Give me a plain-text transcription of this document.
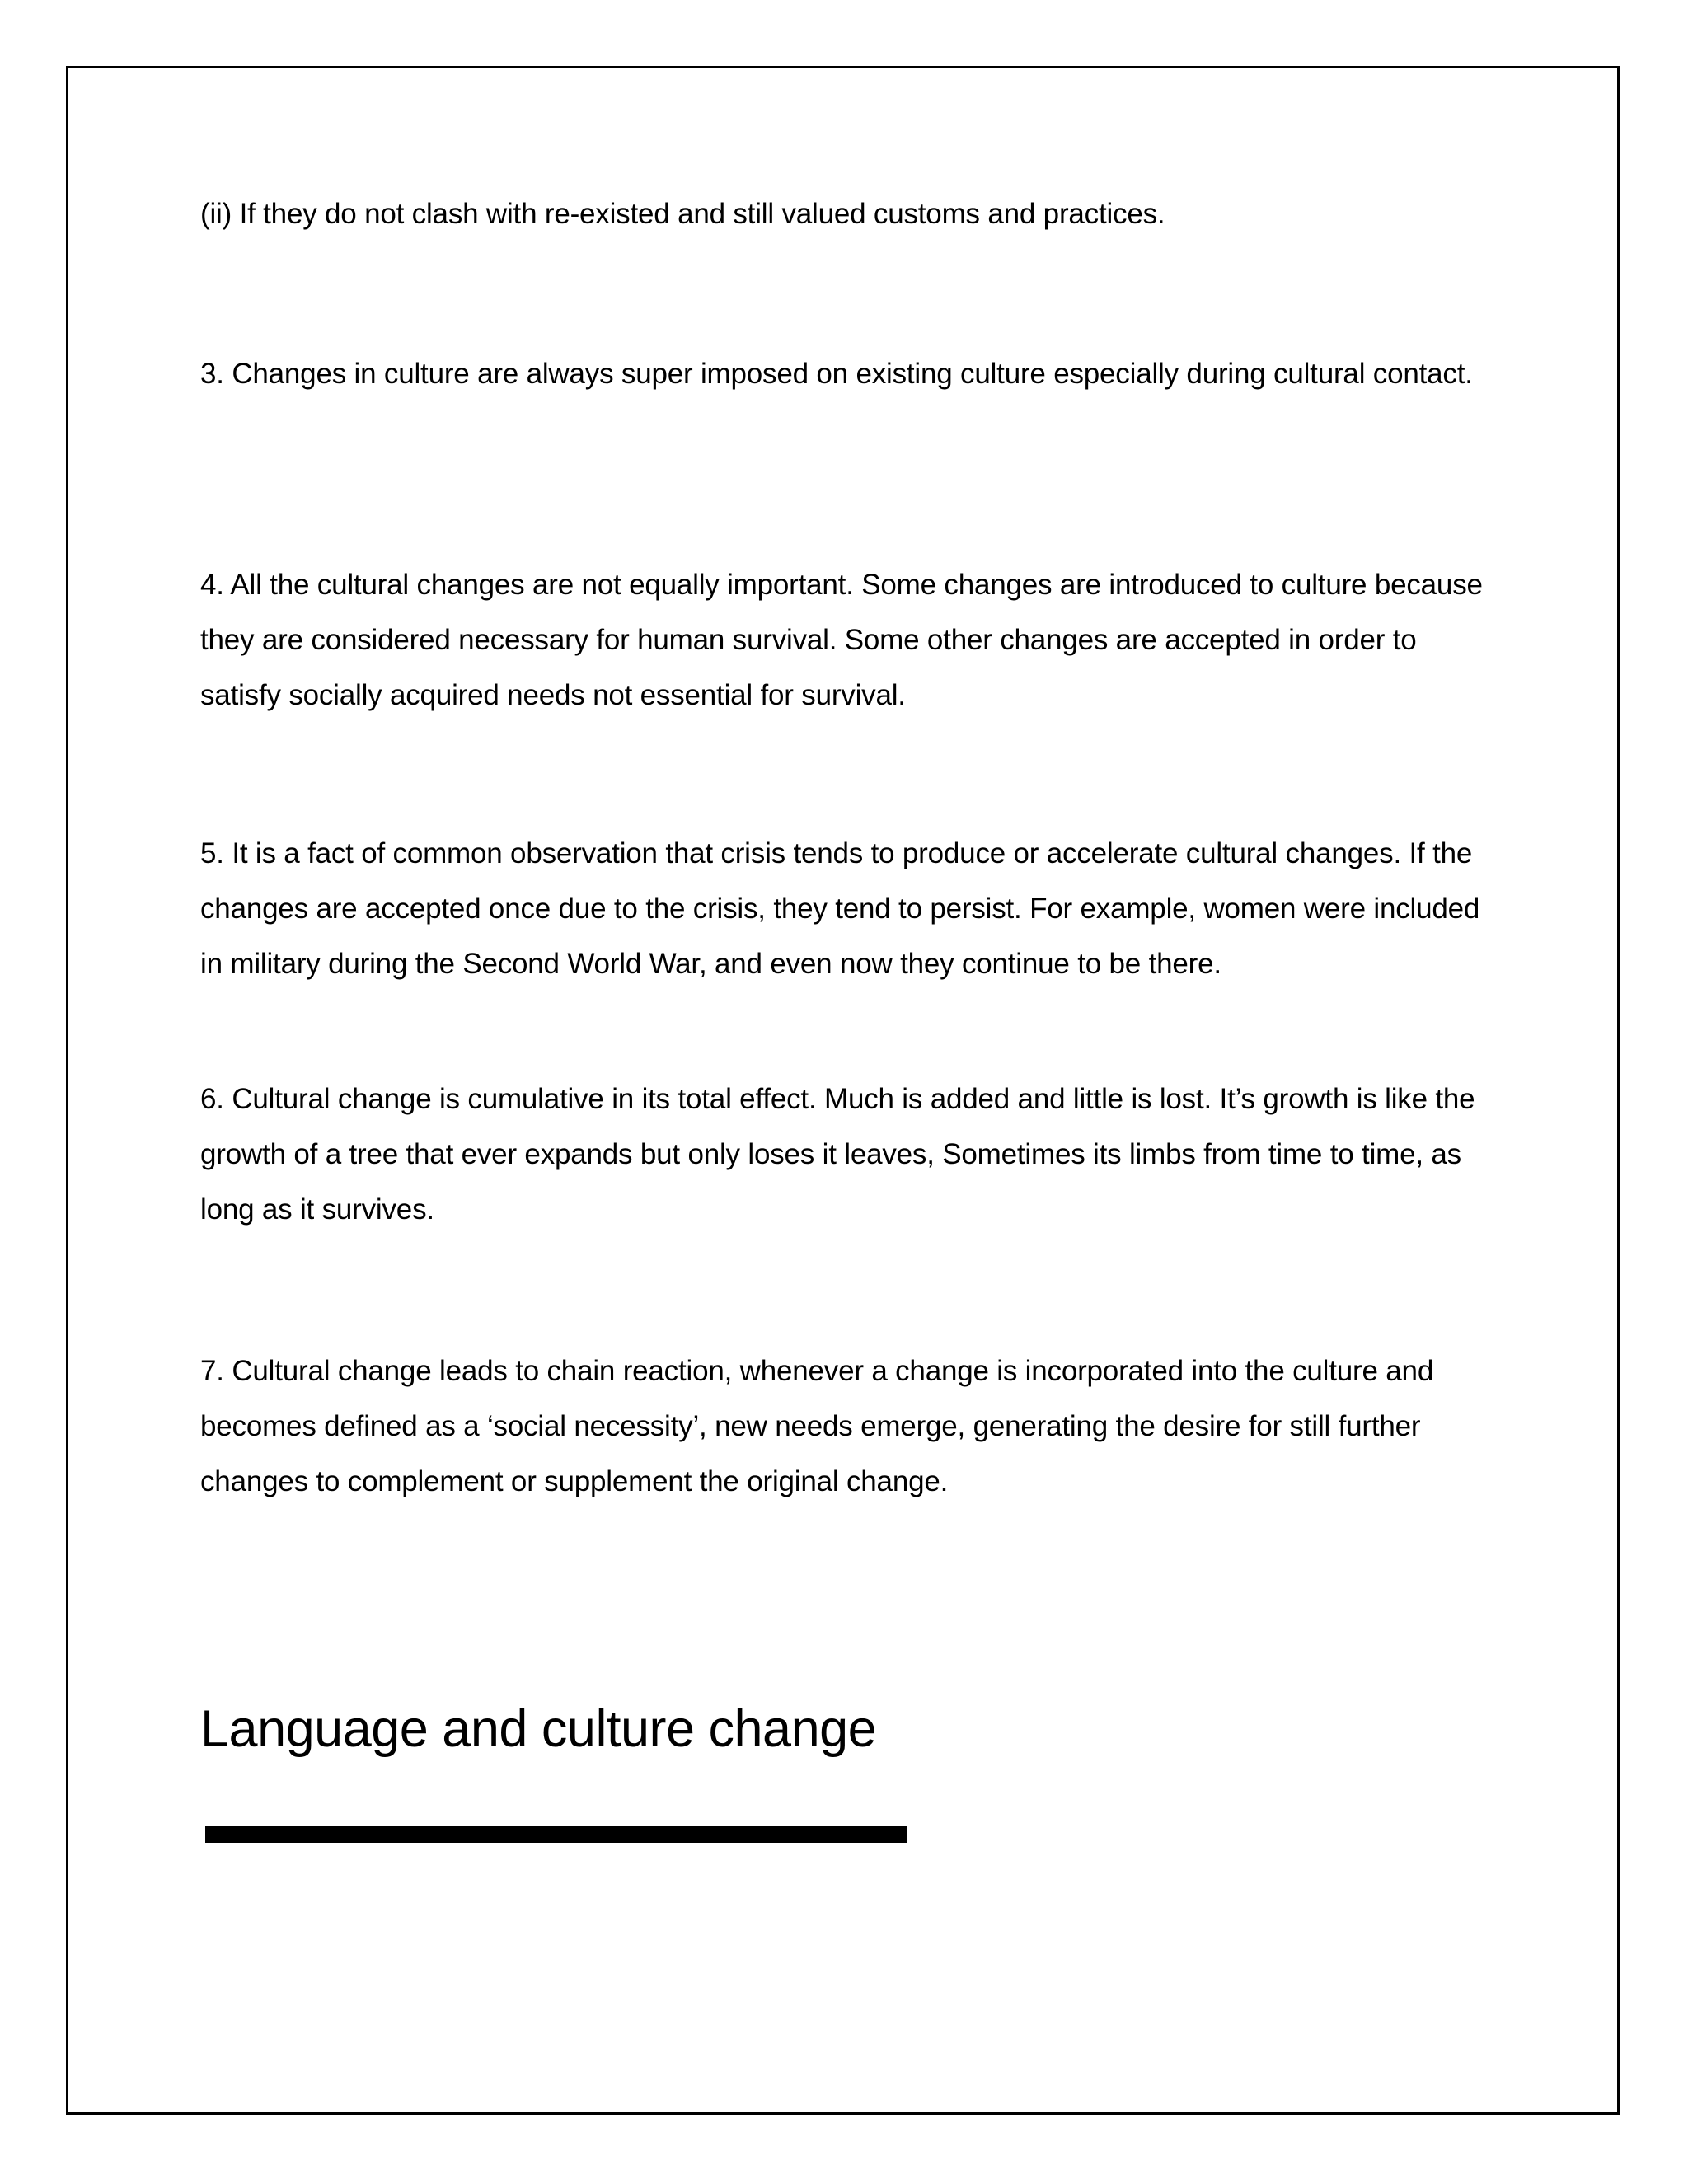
(ii) If they do not clash with re-existed and still valued customs and practices.

3. Changes in culture are always super imposed on existing culture especially during cultural contact.

4. All the cultural changes are not equally important. Some changes are introduced to culture because they are considered necessary for human survival. Some other changes are accepted in order to satisfy socially acquired needs not essential for survival.

5. It is a fact of common observation that crisis tends to produce or accelerate cultural changes. If the changes are accepted once due to the crisis, they tend to persist. For example, women were included in military during the Second World War, and even now they continue to be there.

6. Cultural change is cumulative in its total effect. Much is added and little is lost. It’s growth is like the growth of a tree that ever expands but only loses it leaves, Sometimes its limbs from time to time, as long as it survives.

7. Cultural change leads to chain reaction, whenever a change is incorporated into the culture and becomes defined as a ‘social necessity’, new needs emerge, generating the desire for still further changes to complement or supplement the original change.

Language and culture change
